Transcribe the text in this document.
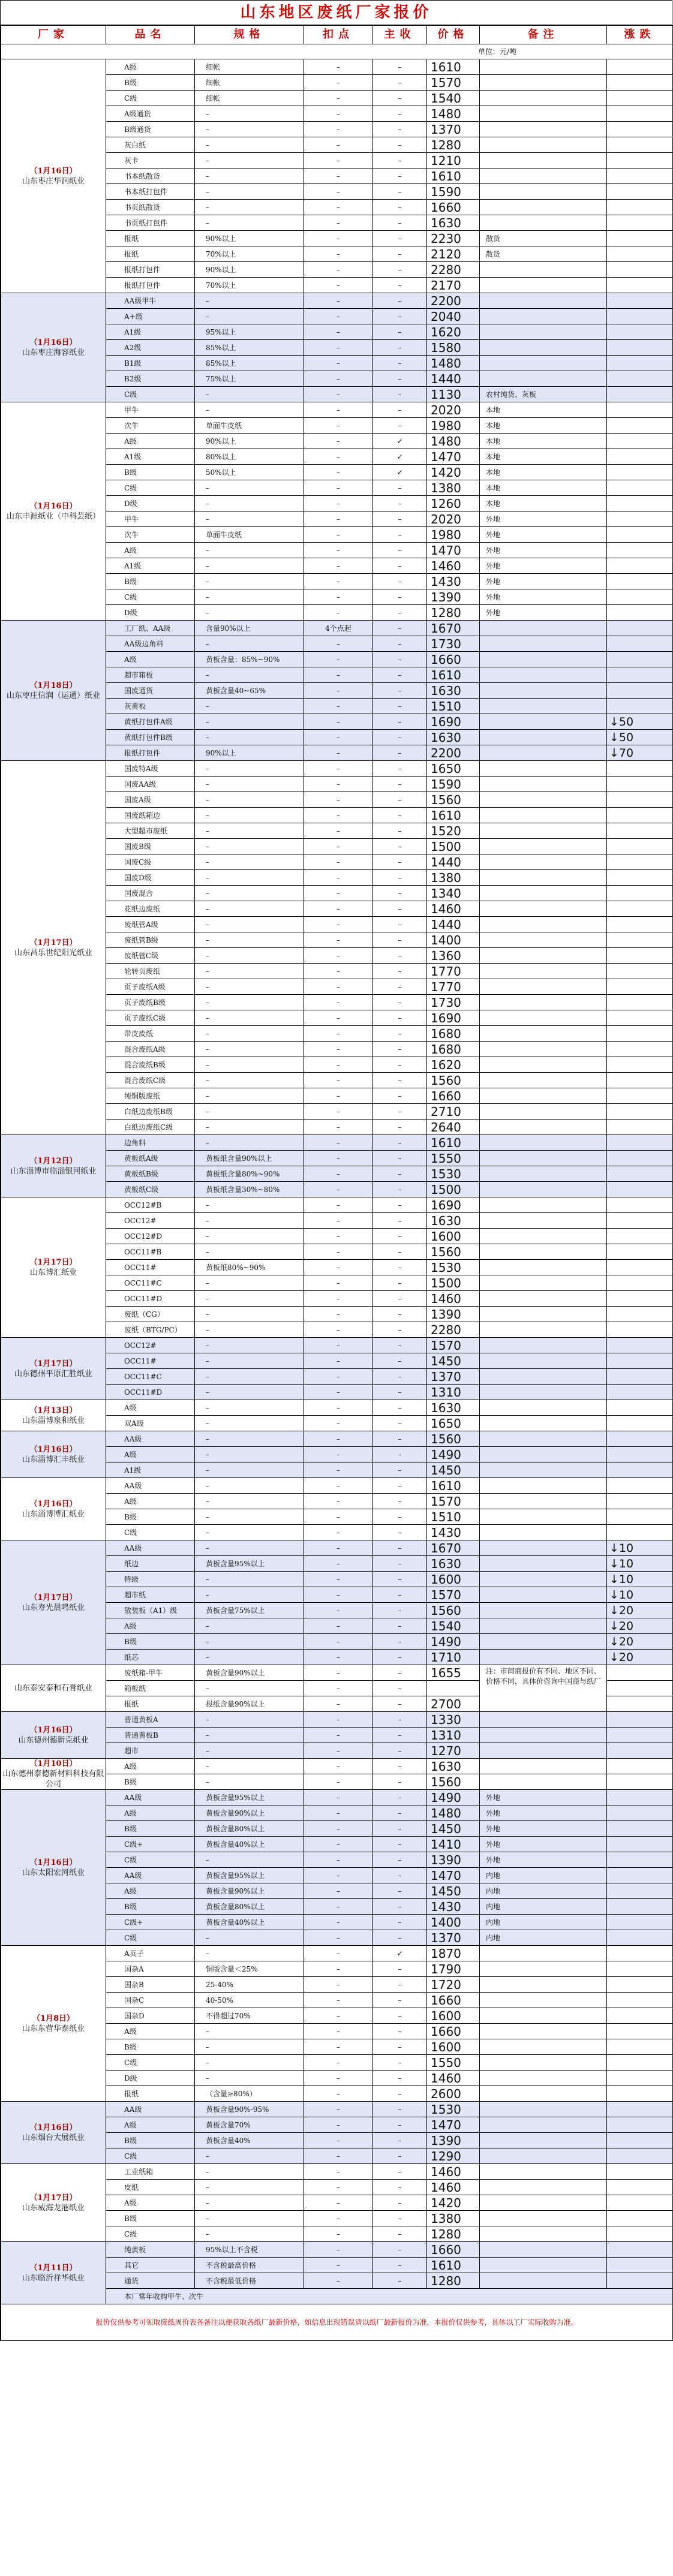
山东地区废纸厂家报价
厂家	品名	规格	扣点	主收	价格	备注	涨跌
单位：元/吨							
（1月16日）
山东枣庄华润纸业	A级	细帐	–	–	1610		
	B级	细帐	–	–	1570		
	C级	细帐	–	–	1540		
	A级通货	–	–	–	1480		
	B级通货	–	–	–	1370		
	灰白纸	–	–	–	1280		
	灰卡	–	–	–	1210		
	书本纸散货	–	–	–	1610		
	书本纸打包件	–	–	–	1590		
	书页纸散货	–	–	–	1660		
	书页纸打包件	–	–	–	1630		
	报纸	90%以上	–	–	2230	散货	
	报纸	70%以上	–	–	2120	散货	
	报纸打包件	90%以上	–	–	2280		
	报纸打包件	70%以上	–	–	2170		
（1月16日）
山东枣庄海容纸业	AA级甲牛	–	–	–	2200		
	A+级	–	–	–	2040		
	A1级	95%以上	–	–	1620		
	A2级	85%以上	–	–	1580		
	B1级	85%以上	–	–	1480		
	B2级	75%以上	–	–	1440		
	C级	–	–	–	1130	农村纯货、灰板	
（1月16日）
山东丰源纸业（中科芸纸）	甲牛	–	–	–	2020	本地	
	次牛	单面牛皮纸	–	–	1980	本地	
	A级	90%以上	–	✓	1480	本地	
	A1级	80%以上	–	✓	1470	本地	
	B级	50%以上	–	✓	1420	本地	
	C级	–	–	–	1380	本地	
	D级	–	–	–	1260	本地	
	甲牛	–	–	–	2020	外地	
	次牛	单面牛皮纸	–	–	1980	外地	
	A级	–	–	–	1470	外地	
	A1级	–	–	–	1460	外地	
	B级	–	–	–	1430	外地	
	C级	–	–	–	1390	外地	
	D级	–	–	–	1280	外地	
（1月18日）
山东枣庄信润（运通）纸业	工厂纸、AA级	含量90%以上	4个点起	–	1670		
	AA级边角料	–	–	–	1730		
	A级	黄板含量：85%~90%	–	–	1660		
	超市箱板	–	–	–	1610		
	国废通货	黄板含量40~65%	–	–	1630		
	灰黄板	–	–	–	1510		
	黄纸打包件A级	–	–	–	1690		↓50
	黄纸打包件B级	–	–	–	1630		↓50
	报纸打包件	90%以上	–	–	2200		↓70
（1月17日）
山东昌乐世纪阳光纸业	国废特A级	–	–	–	1650		
	国废AA级	–	–	–	1590		
	国废A级	–	–	–	1560		
	国废纸箱边	–	–	–	1610		
	大型超市废纸	–	–	–	1520		
	国废B级	–	–	–	1500		
	国废C级	–	–	–	1440		
	国废D级	–	–	–	1380		
	国废混合	–	–	–	1340		
	花纸边废纸	–	–	–	1460		
	废纸管A级	–	–	–	1440		
	废纸管B级	–	–	–	1400		
	废纸管C级	–	–	–	1360		
	轮转页废纸	–	–	–	1770		
	页子废纸A级	–	–	–	1770		
	页子废纸B级	–	–	–	1730		
	页子废纸C级	–	–	–	1690		
	带皮废纸	–	–	–	1680		
	混合废纸A级	–	–	–	1680		
	混合废纸B级	–	–	–	1620		
	混合废纸C级	–	–	–	1560		
	纯铜版废纸	–	–	–	1660		
	白纸边废纸B级	–	–	–	2710		
	白纸边废纸C级	–	–	–	2640		
（1月12日）
山东淄博市临淄银河纸业	边角料	–	–	–	1610		
	黄板纸A级	黄板纸含量90%以上	–	–	1550		
	黄板纸B级	黄板纸含量80%~90%	–	–	1530		
	黄板纸C级	黄板纸含量30%~80%	–	–	1500		
（1月17日）
山东博汇纸业	OCC12#B	–	–	–	1690		
	OCC12#	–	–	–	1630		
	OCC12#D	–	–	–	1600		
	OCC11#B	–	–	–	1560		
	OCC11#	黄板纸80%~90%	–	–	1530		
	OCC11#C	–	–	–	1500		
	OCC11#D	–	–	–	1460		
	废纸（CG）	–	–	–	1390		
	废纸（BTG/PC）	–	–	–	2280		
（1月17日）
山东德州平原汇胜纸业	OCC12#	–	–	–	1570		
	OCC11#	–	–	–	1450		
	OCC11#C	–	–	–	1370		
	OCC11#D	–	–	–	1310		
（1月13日）
山东淄博泉和纸业	A级	–	–	–	1630		
	双A级	–	–	–	1650		
（1月16日）
山东淄博汇丰纸业	AA级	–	–	–	1560		
	A级	–	–	–	1490		
	A1级	–	–	–	1450		
（1月16日）
山东淄博博汇纸业	AA级	–	–	–	1610		
	A级	–	–	–	1570		
	B级	–	–	–	1510		
	C级	–	–	–	1430		
（1月17日）
山东寿光晨鸣纸业	AA级	–	–	–	1670		↓10
	纸边	黄板含量95%以上	–	–	1630		↓10
	特级	–	–	–	1600		↓10
	超市纸	–	–	–	1570		↓10
	散装板（A1）级	黄板含量75%以上	–	–	1560		↓20
	A级	–	–	–	1540		↓20
	B级	–	–	–	1490		↓20
	纸芯	–	–	–	1710		↓20

山东泰安泰和石膏纸业	废纸箱-甲牛	黄板含量90%以上	–	–	1655	注：市间商报价有不同、地区不同、价格不同，具体价咨询中国商与纸厂	
	箱板纸	–	–	–			
	报纸	报纸含量90%以上	–	–	2700		
（1月16日）
山东德州德新克纸业	普通黄板A	–	–	–	1330		
	普通黄板B	–	–	–	1310		
	超市	–	–	–	1270		
（1月10日）
山东德州泰德新材料科技有限公司	A级	–	–	–	1630		
	B级	–	–	–	1560		
（1月16日）
山东太阳宏河纸业	AA级	黄板含量95%以上	–	–	1490	外地	
	A级	黄板含量90%以上	–	–	1480	外地	
	B级	黄板含量80%以上	–	–	1450	外地	
	C级+	黄板含量40%以上	–	–	1410	外地	
	C级	–	–	–	1390	外地	
	AA级	黄板含量95%以上	–	–	1470	内地	
	A级	黄板含量90%以上	–	–	1450	内地	
	B级	黄板含量80%以上	–	–	1430	内地	
	C级+	黄板含量40%以上	–	–	1400	内地	
	C级	–	–	–	1370	内地	
（1月8日）
山东东营华泰纸业	A页子	–	–	✓	1870		
	国杂A	铜版含量＜25%	–	–	1790		
	国杂B	25-40%	–	–	1720		
	国杂C	40-50%	–	–	1660		
	国杂D	不得超过70%	–	–	1600		
	A级	–	–	–	1660		
	B级	–	–	–	1600		
	C级	–	–	–	1550		
	D级	–	–	–	1460		
	报纸	（含量≥80%）	–	–	2600		
（1月16日）
山东烟台大展纸业	AA级	黄板含量90%-95%	–	–	1530		
	A级	黄板含量70%	–	–	1470		
	B级	黄板含量40%	–	–	1390		
	C级	–	–	–	1290		
（1月17日）
山东威海龙港纸业	工业纸箱	–	–	–	1460		
	皮纸	–	–	–	1460		
	A级	–	–	–	1420		
	B级	–	–	–	1380		
	C级	–	–	–	1280		
（1月11日）
山东临沂祥华纸业	纯黄板	95%以上不含税	–	–	1660		
	其它	不含税最高价格	–	–	1610		
	通货	不含税最低价格	–	–	1280		
	本厂常年收购甲牛、次牛						
报价仅供参考可领取废纸周价表各备注以便获取各纸厂最新价格，如信息出现错误请以纸厂最新报价为准，本报价仅供参考，具体以工厂实际收购为准。							
